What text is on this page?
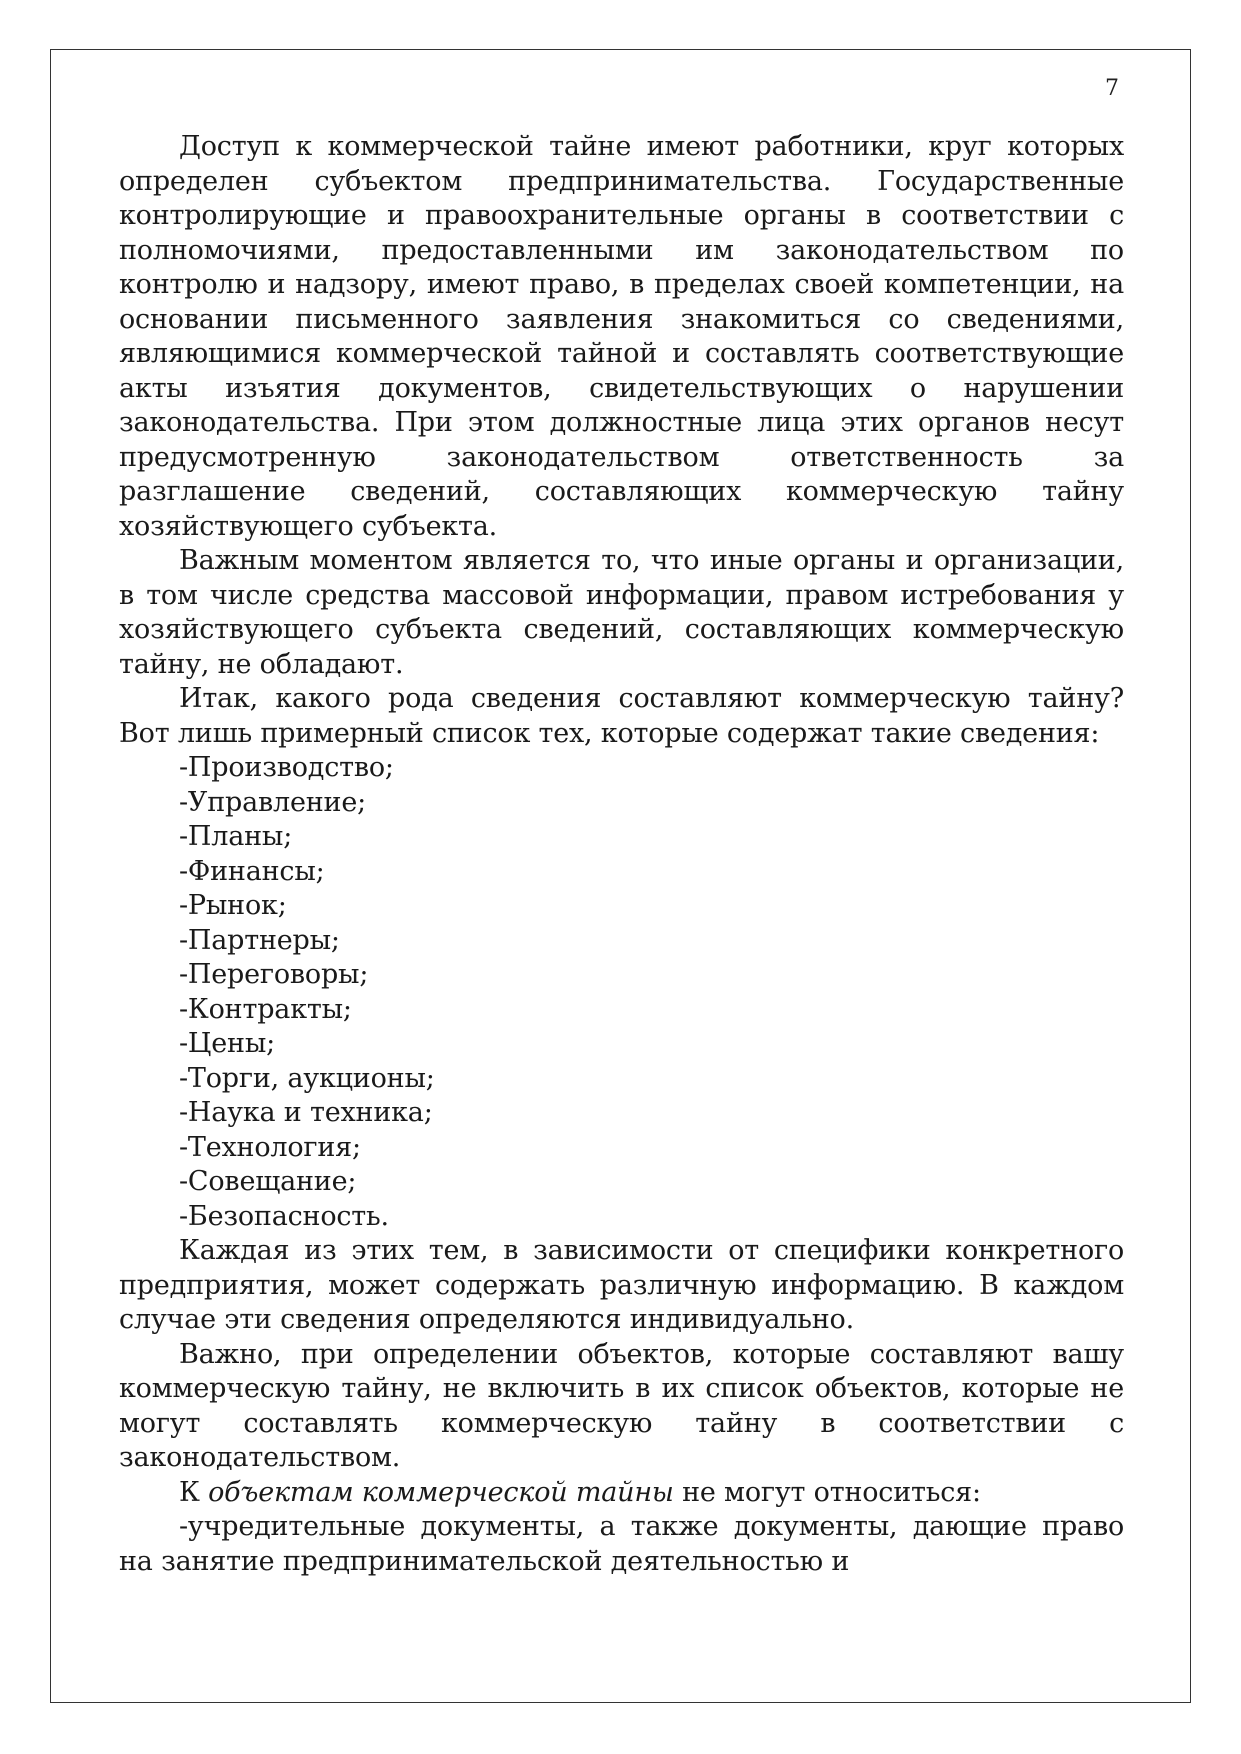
7

Доступ к коммерческой тайне имеют работники, круг которых определен субъектом предпринимательства. Государственные контролирующие и правоохранительные органы в соответствии с полномочиями, предоставленными им законодательством по контролю и надзору, имеют право, в пределах своей компетенции, на основании письменного заявления знакомиться со сведениями, являющимися коммерческой тайной и составлять соответствующие акты изъятия документов, свидетельствующих о нарушении законодательства. При этом должностные лица этих органов несут предусмотренную законодательством ответственность за разглашение сведений, составляющих коммерческую тайну хозяйствующего субъекта.

Важным моментом является то, что иные органы и организации, в том числе средства массовой информации, правом истребования у хозяйствующего субъекта сведений, составляющих коммерческую тайну, не обладают.

Итак, какого рода сведения составляют коммерческую тайну? Вот лишь примерный список тех, которые содержат такие сведения:

-Производство;
-Управление;
-Планы;
-Финансы;
-Рынок;
-Партнеры;
-Переговоры;
-Контракты;
-Цены;
-Торги, аукционы;
-Наука и техника;
-Технология;
-Совещание;
-Безопасность.

Каждая из этих тем, в зависимости от специфики конкретного предприятия, может содержать различную информацию. В каждом случае эти сведения определяются индивидуально.

Важно, при определении объектов, которые составляют вашу коммерческую тайну, не включить в их список объектов, которые не могут составлять коммерческую тайну в соответствии с законодательством.

К объектам коммерческой тайны не могут относиться:

-учредительные документы, а также документы, дающие право на занятие предпринимательской деятельностью и
